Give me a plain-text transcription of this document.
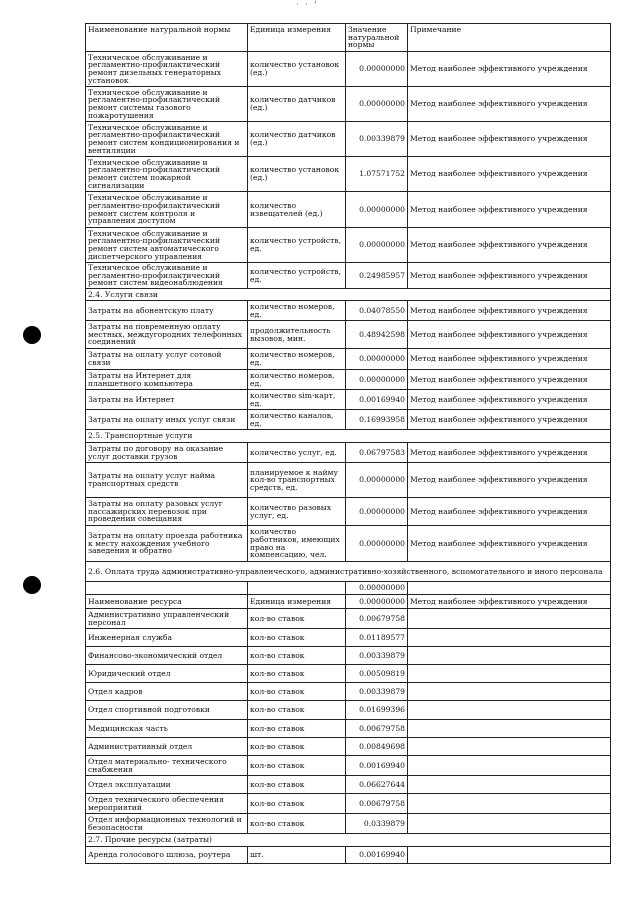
· · '
Наименование натуральной нормы	Единица измерения	Значение натуральной нормы	Примечание
Техническое обслуживание и регламентно-профилактический ремонт дизельных генераторных установок	количество установок (ед.)	0.00000000	Метод наиболее эффективного учреждения
Техническое обслуживание и регламентно-профилактический ремонт системы газового пожаротушения	количество датчиков (ед.)	0.00000000	Метод наиболее эффективного учреждения
Техническое обслуживание и регламентно-профилактический ремонт систем кондиционирования и вентиляции	количество датчиков (ед.)	0.00339879	Метод наиболее эффективного учреждения
Техническое обслуживание и регламентно-профилактический ремонт систем пожарной сигнализации	количество установок (ед.)	1.07571752	Метод наиболее эффективного учреждения
Техническое обслуживание и регламентно-профилактический ремонт систем контроля и управления доступом	количество извещателей (ед.)	0.00000000	Метод наиболее эффективного учреждения
Техническое обслуживание и регламентно-профилактический ремонт систем автоматического диспетчерского управления	количество устройств, ед.	0.00000000	Метод наиболее эффективного учреждения
Техническое обслуживание и регламентно-профилактический ремонт систем видеонаблюдения	количество устройств, ед.	0.24985957	Метод наиболее эффективного учреждения
2.4. Услуги связи			
Затраты на абонентскую плату	количество номеров, ед.	0.04078550	Метод наиболее эффективного учреждения
Затраты на повременную оплату местных, междугородних телефонных соединений	продолжительность вызовов, мин.	0.48942598	Метод наиболее эффективного учреждения
Затраты на оплату услуг сотовой связи	количество номеров, ед.	0.00000000	Метод наиболее эффективного учреждения
Затраты на Интернет для планшетного компьютера	количество номеров, ед.	0.00000000	Метод наиболее эффективного учреждения
Затраты на Интернет	количество sim-карт, ед.	0.00169940	Метод наиболее эффективного учреждения
Затраты на оплату иных услуг связи	количество каналов, ед.	0.16993958	Метод наиболее эффективного учреждения
2.5. Транспортные услуги			
Затраты по договору на оказание услуг доставки грузов	количество услуг, ед.	0.06797583	Метод наиболее эффективного учреждения
Затраты на оплату услуг найма транспортных средств	планируемое к найму кол-во транспортных средств, ед.	0.00000000	Метод наиболее эффективного учреждения
Затраты на оплату разовых услуг пассажирских перевозок при проведении совещания	количество разовых услуг, ед.	0.00000000	Метод наиболее эффективного учреждения
Затраты на оплату проезда работника к месту нахождения учебного заведения и обратно	количество работников, имеющих право на компенсацию, чел.	0.00000000	Метод наиболее эффективного учреждения
2.6. Оплата труда административно-управленческого, административно-хозяйственного, вспомогательного и иного персонала			
		0.00000000	
Наименование ресурса	Единица измерения	0.00000000	Метод наиболее эффективного учреждения
Административно управленческий персонал	кол-во ставок	0.00679758	
Инженерная служба	кол-во ставок	0.01189577	
Финансово-экономический отдел	кол-во ставок	0.00339879	
Юридический отдел	кол-во ставок	0.00509819	
Отдел кадров	кол-во ставок	0.00339879	
Отдел спортивной подготовки	кол-во ставок	0.01699396	
Медицинская часть	кол-во ставок	0.00679758	
Административный отдел	кол-во ставок	0.00849698	
Отдел материально- технического снабжения	кол-во ставок	0.00169940	
Отдел эксплуатации	кол-во ставок	0.06627644	
Отдел технического обеспечения мероприятий	кол-во ставок	0.00679758	
Отдел информационных технологий и безопасности	кол-во ставок	0.0339879	
2.7. Прочие ресурсы (затраты)			
Аренда голосового шлюза, роутера	шт.	0.00169940	
